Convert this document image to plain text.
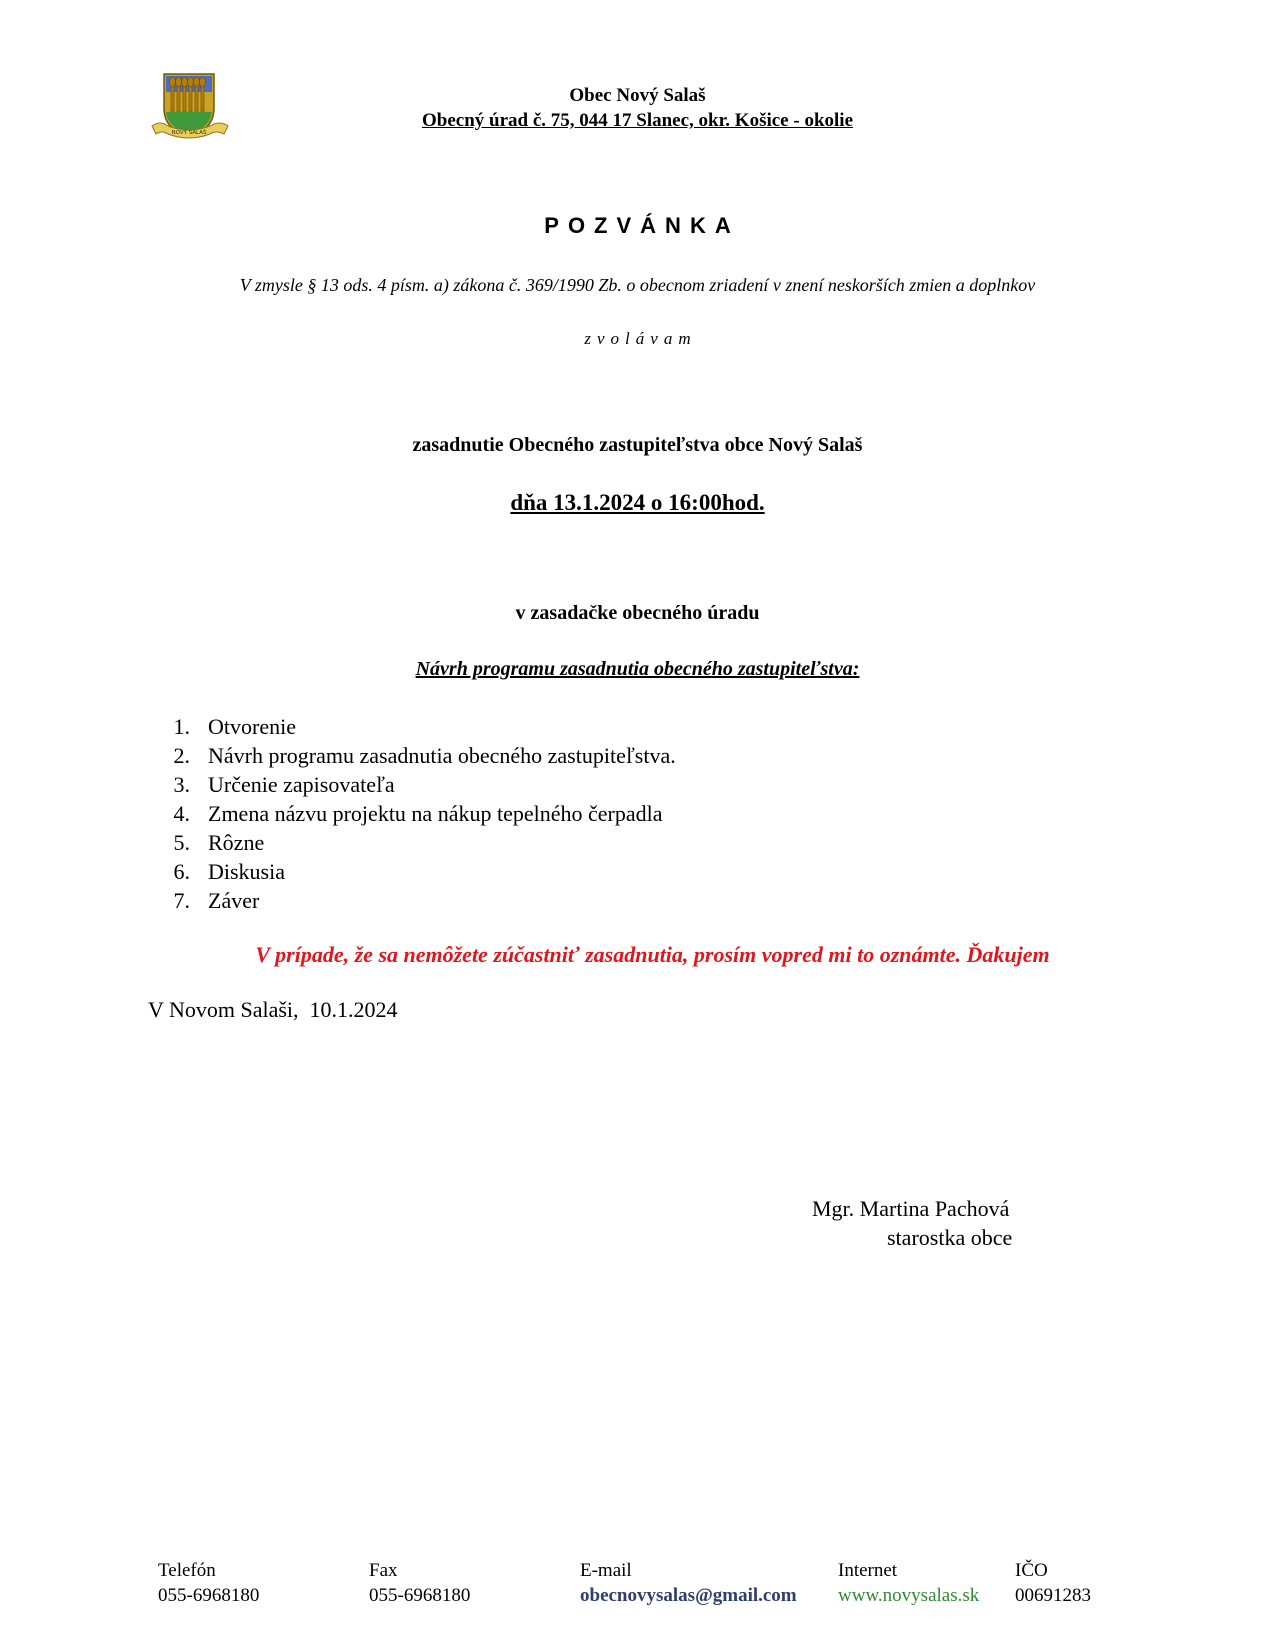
NOVÝ SALAŠ
Obec Nový Salaš
Obecný úrad č. 75, 044 17 Slanec, okr. Košice - okolie
POZVÁNKA
V zmysle § 13 ods. 4 písm. a) zákona č. 369/1990 Zb. o obecnom zriadení v znení neskorších zmien a doplnkov
zvolávam
zasadnutie Obecného zastupiteľstva obce Nový Salaš
dňa 13.1.2024 o 16:00hod.
v zasadačke obecného úradu
Návrh programu zasadnutia obecného zastupiteľstva:
1. Otvorenie
2. Návrh programu zasadnutia obecného zastupiteľstva.
3. Určenie zapisovateľa
4. Zmena názvu projektu na nákup tepelného čerpadla
5. Rôzne
6. Diskusia
7. Záver
V prípade, že sa nemôžete zúčastniť zasadnutia, prosím vopred mi to oznámte. Ďakujem
V Novom Salaši,  10.1.2024
Mgr. Martina Pachová
starostka obce
Telefón
055-6968180
Fax
055-6968180
E-mail
obecnovysalas@gmail.com
Internet
www.novysalas.sk
IČO
00691283
